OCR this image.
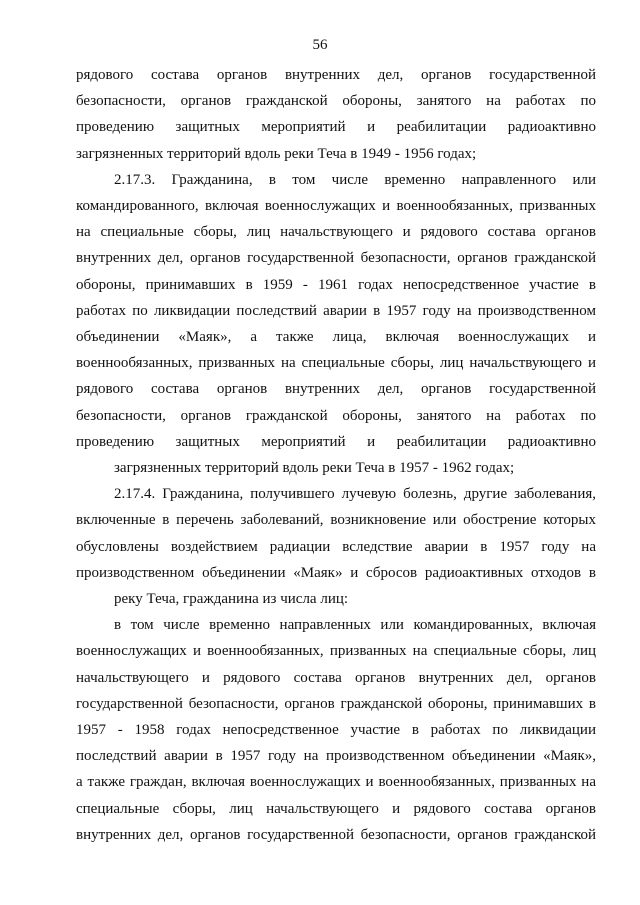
56

рядового состава органов внутренних дел, органов государственной
безопасности, органов гражданской обороны, занятого на работах по
проведению защитных мероприятий и реабилитации радиоактивно

загрязненных территорий вдоль реки Теча в 1949 - 1956 годах;

2.17.3. Гражданина, в том числе временно направленного или
командированного, включая военнослужащих и военнообязанных, призванных
на специальные сборы, лиц начальствующего и рядового состава органов
внутренних дел, органов государственной безопасности, органов гражданской
обороны, принимавших в 1959 - 1961 годах непосредственное участие в
работах по ликвидации последствий аварии в 1957 году на производственном
объединении «Маяк», а также лица, включая военнослужащих и
военнообязанных, призванных на специальные сборы, лиц начальствующего и
рядового состава органов внутренних дел, органов государственной
безопасности, органов гражданской обороны, занятого на работах по
проведению защитных мероприятий и реабилитации радиоактивно

загрязненных территорий вдоль реки Теча в 1957 - 1962 годах;

2.17.4. Гражданина, получившего лучевую болезнь, другие заболевания,
включенные в перечень заболеваний, возникновение или обострение которых
обусловлены воздействием радиации вследствие аварии в 1957 году на
производственном объединении «Маяк» и сбросов радиоактивных отходов в

реку Теча, гражданина из числа лиц:

в том числе временно направленных или командированных, включая
военнослужащих и военнообязанных, призванных на специальные сборы, лиц
начальствующего и рядового состава органов внутренних дел, органов
государственной безопасности, органов гражданской обороны, принимавших в
1957 - 1958 годах непосредственное участие в работах по ликвидации
последствий аварии в 1957 году на производственном объединении «Маяк»,
а также граждан, включая военнослужащих и военнообязанных, призванных на
специальные сборы, лиц начальствующего и рядового состава органов
внутренних дел, органов государственной безопасности, органов гражданской
